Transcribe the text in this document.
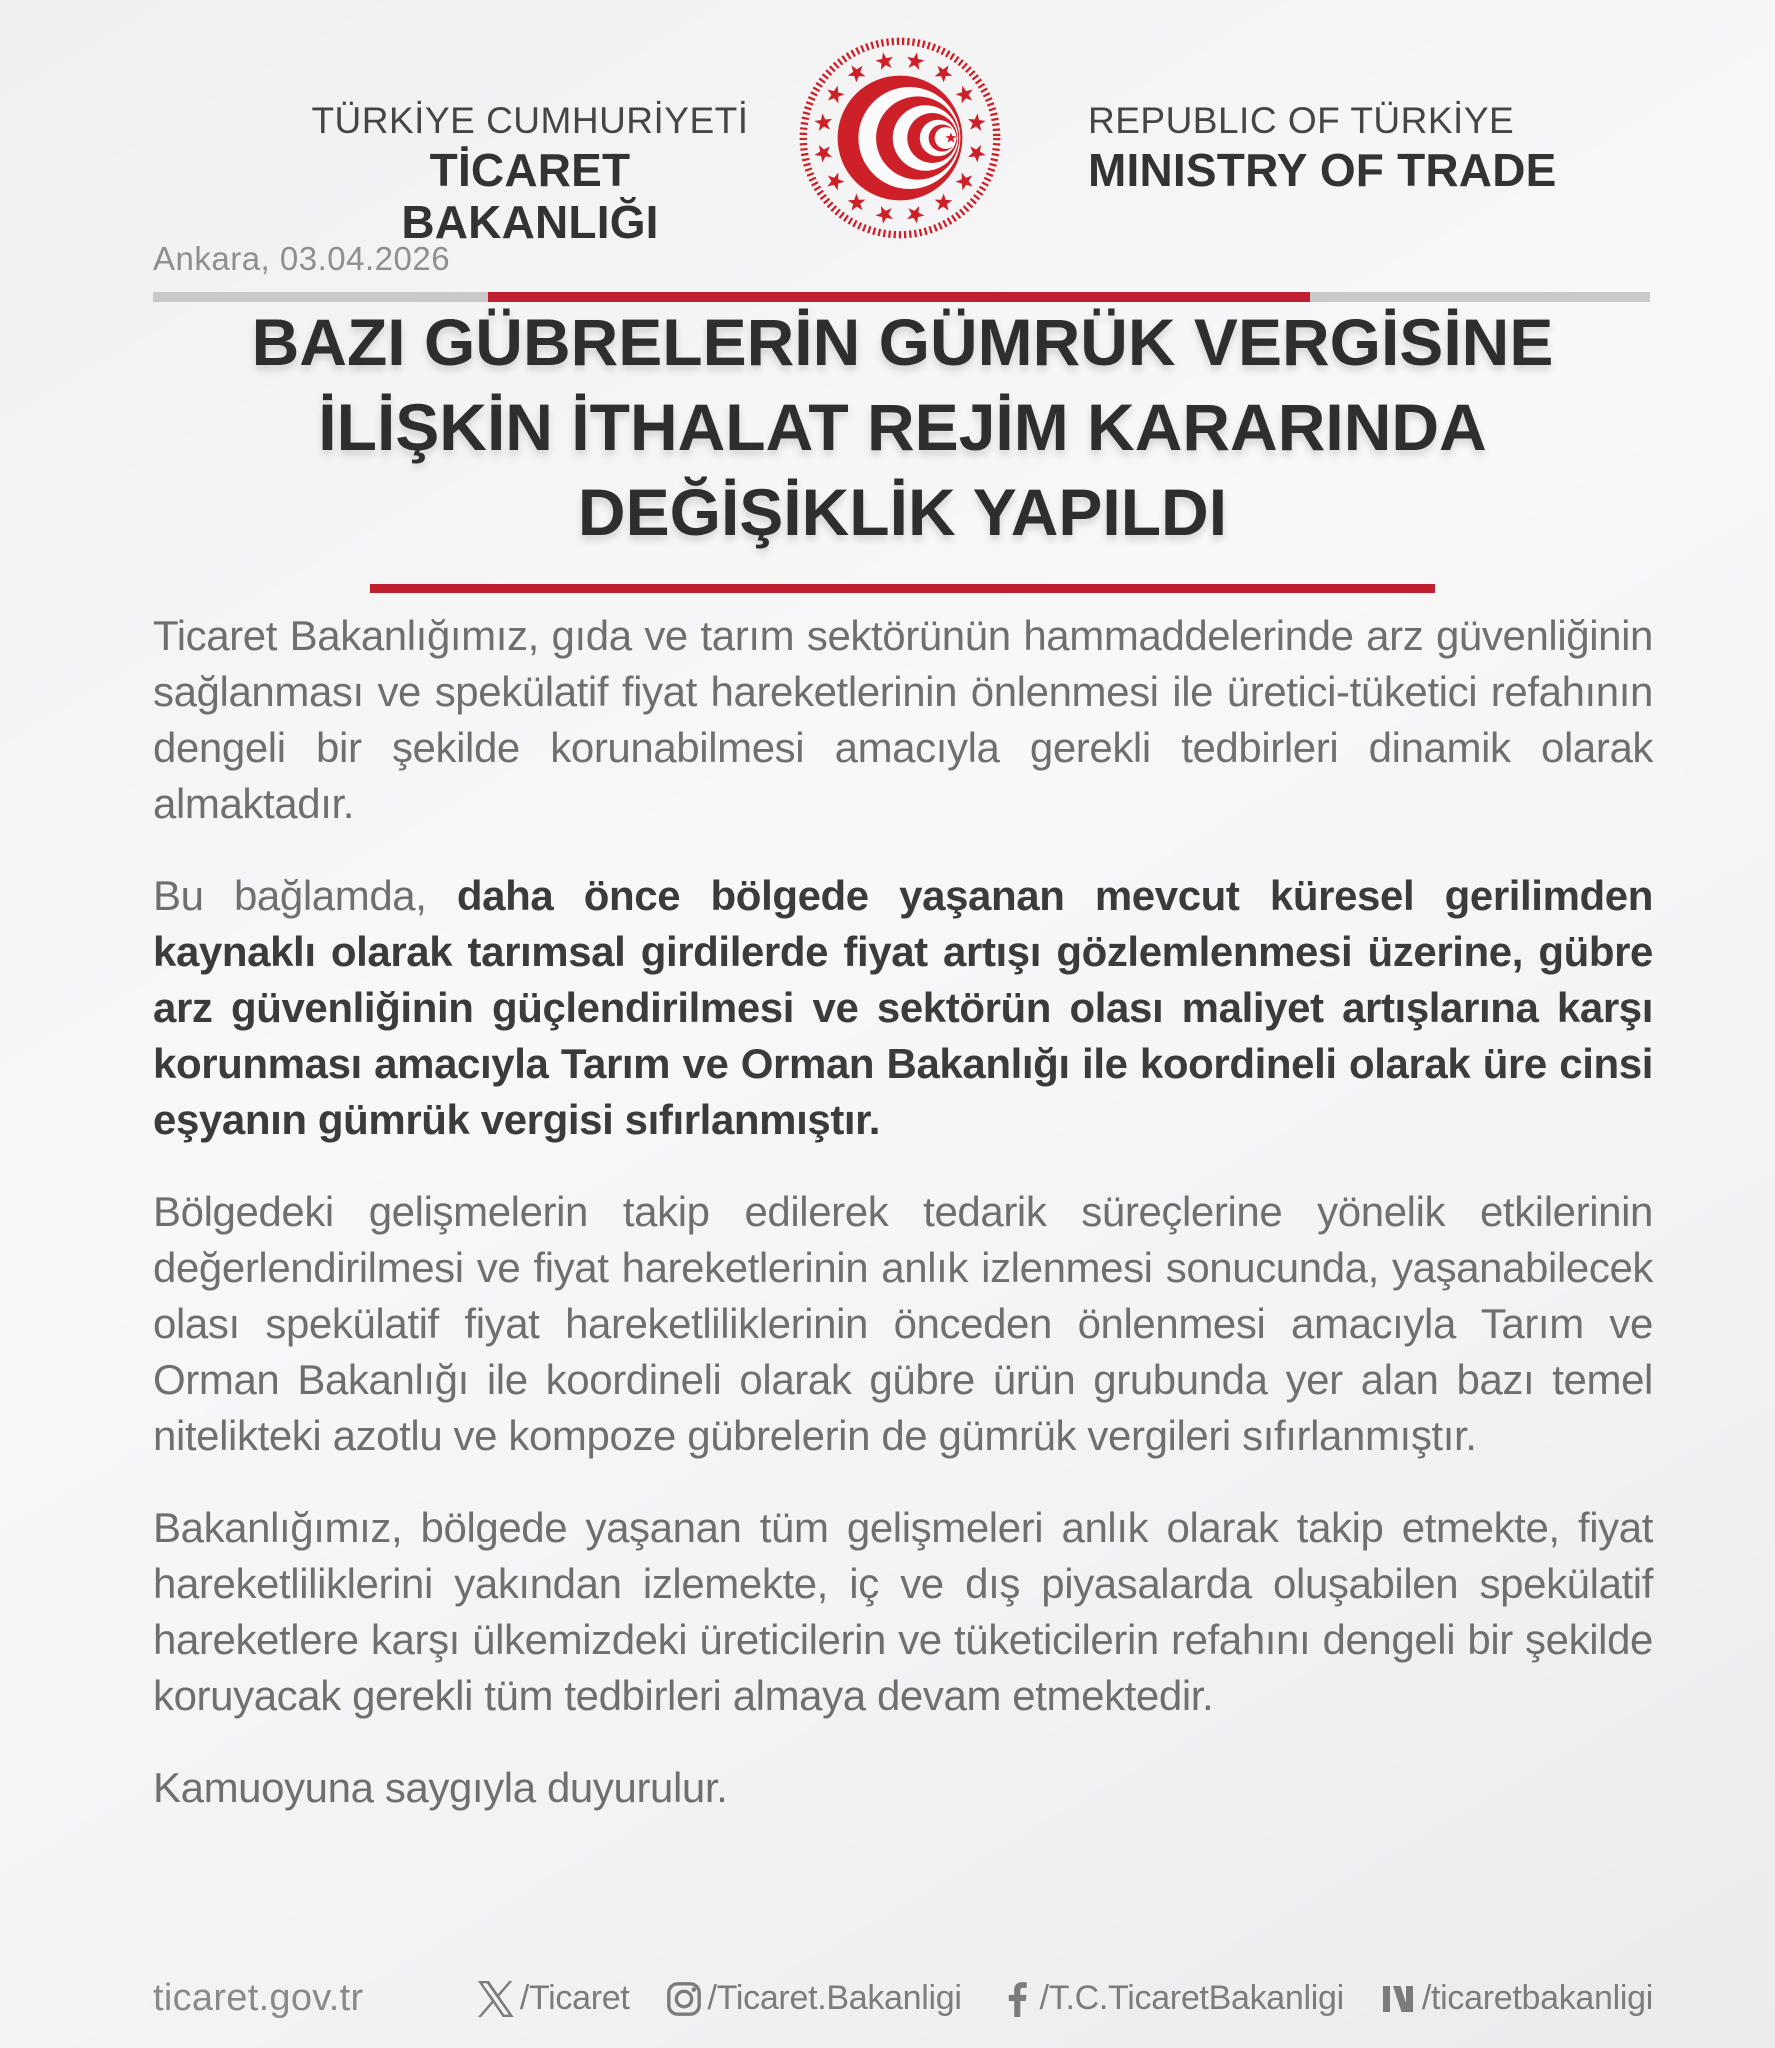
TÜRKİYE CUMHURİYETİ
TİCARET BAKANLIĞI
REPUBLIC OF TÜRKİYE
MINISTRY OF TRADE
Ankara, 03.04.2026
BAZI GÜBRELERİN GÜMRÜK VERGİSİNE
İLİŞKİN İTHALAT REJİM KARARINDA
DEĞİŞİKLİK YAPILDI

Ticaret Bakanlığımız, gıda ve tarım sektörünün hammaddelerinde arz güvenliğinin sağlanması ve spekülatif fiyat hareketlerinin önlenmesi ile üretici-tüketici refahının dengeli bir şekilde korunabilmesi amacıyla gerekli tedbirleri dinamik olarak almaktadır.

Bu bağlamda, daha önce bölgede yaşanan mevcut küresel gerilimden kaynaklı olarak tarımsal girdilerde fiyat artışı gözlemlenmesi üzerine, gübre arz güvenliğinin güçlendirilmesi ve sektörün olası maliyet artışlarına karşı korunması amacıyla Tarım ve Orman Bakanlığı ile koordineli olarak üre cinsi eşyanın gümrük vergisi sıfırlanmıştır.

Bölgedeki gelişmelerin takip edilerek tedarik süreçlerine yönelik etkilerinin değerlendirilmesi ve fiyat hareketlerinin anlık izlenmesi sonucunda, yaşanabilecek olası spekülatif fiyat hareketliliklerinin önceden önlenmesi amacıyla Tarım ve Orman Bakanlığı ile koordineli olarak gübre ürün grubunda yer alan bazı temel nitelikteki azotlu ve kompoze gübrelerin de gümrük vergileri sıfırlanmıştır.

Bakanlığımız, bölgede yaşanan tüm gelişmeleri anlık olarak takip etmekte, fiyat hareketliliklerini yakından izlemekte, iç ve dış piyasalarda oluşabilen spekülatif hareketlere karşı ülkemizdeki üreticilerin ve tüketicilerin refahını dengeli bir şekilde koruyacak gerekli tüm tedbirleri almaya devam etmektedir.

Kamuoyuna saygıyla duyurulur.

ticaret.gov.tr	/Ticaret /Ticaret.Bakanligi /T.C.TicaretBakanligi /ticaretbakanligi
